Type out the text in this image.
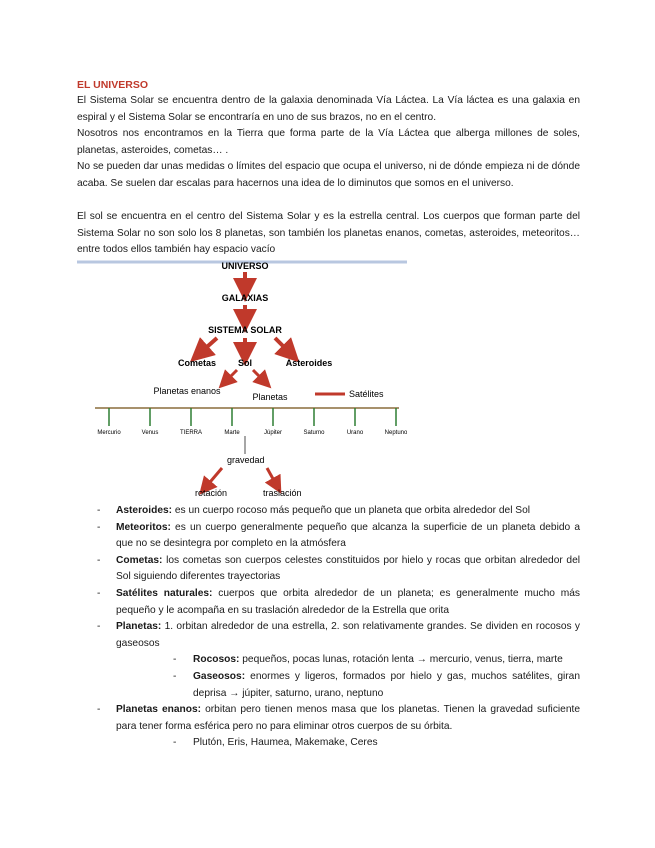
EL UNIVERSO
El Sistema Solar se encuentra dentro de la galaxia denominada Vía Láctea. La Vía láctea es una galaxia en espiral y el Sistema Solar se encontraría en uno de sus brazos, no en el centro.
Nosotros nos encontramos en la Tierra que forma parte de la Vía Láctea que alberga millones de soles, planetas, asteroides, cometas… .
No se pueden dar unas medidas o límites del espacio que ocupa el universo, ni de dónde empieza ni de dónde acaba. Se suelen dar escalas para hacernos una idea de lo diminutos que somos en el universo.

El sol se encuentra en el centro del Sistema Solar y es la estrella central. Los cuerpos que forman parte del Sistema Solar no son solo los 8 planetas, son también los planetas enanos, cometas, asteroides, meteoritos… entre todos ellos también hay espacio vacío

UNIVERSO
GALAXIAS
SISTEMA SOLAR
Cometas Sol	Asteroides
Planetas enanos
Planetas	Satélites
Mercurio	Venus	TIERRA	Marte	Júpiter	Saturno	Urano	Neptuno
gravedad
rotación	traslación
- Asteroides: es un cuerpo rocoso más pequeño que un planeta que orbita alrededor del Sol
- Meteoritos: es un cuerpo generalmente pequeño que alcanza la superficie de un planeta debido a que no se desintegra por completo en la atmósfera
- Cometas: los cometas son cuerpos celestes constituidos por hielo y rocas que orbitan alrededor del Sol siguiendo diferentes trayectorias
- Satélites naturales: cuerpos que orbita alrededor de un planeta; es generalmente mucho más pequeño y le acompaña en su traslación alrededor de la Estrella que orita
- Planetas: 1. orbitan alrededor de una estrella, 2. son relativamente grandes. Se dividen en rocosos y gaseosos
- Rocosos: pequeños, pocas lunas, rotación lenta → mercurio, venus, tierra, marte
- Gaseosos: enormes y ligeros, formados por hielo y gas, muchos satélites, giran deprisa → júpiter, saturno, urano, neptuno
- Planetas enanos: orbitan pero tienen menos masa que los planetas. Tienen la gravedad suficiente para tener forma esférica pero no para eliminar otros cuerpos de su órbita.
- Plutón, Eris, Haumea, Makemake, Ceres
